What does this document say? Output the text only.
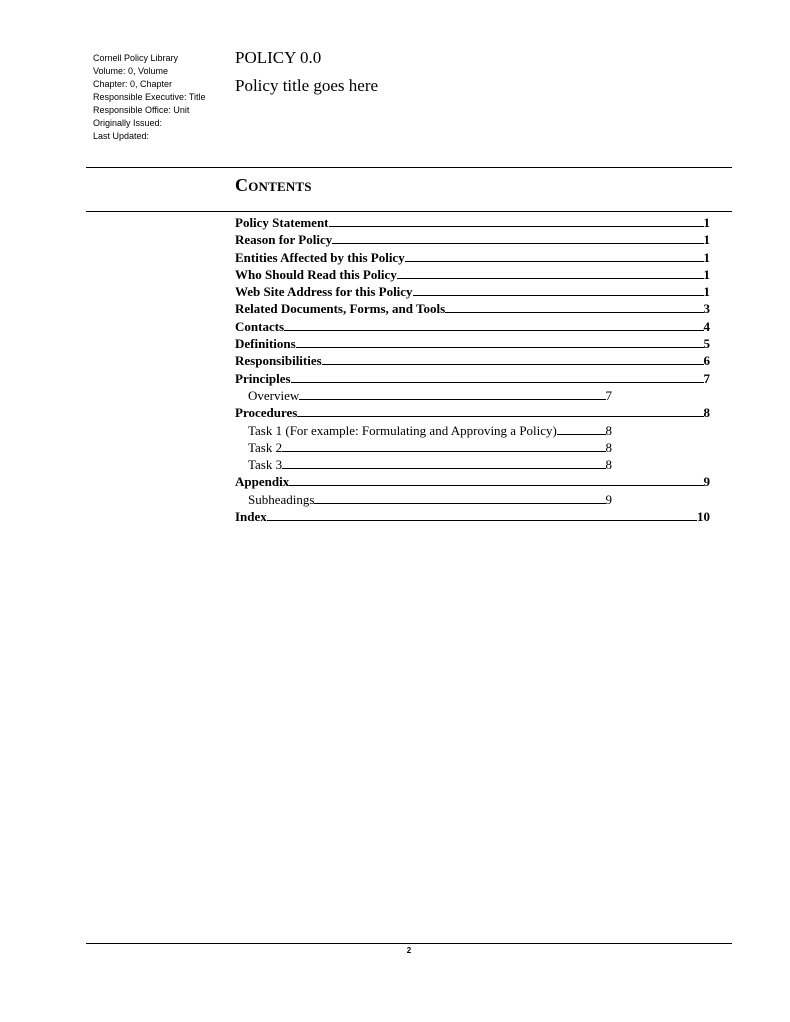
Cornell Policy Library
Volume: 0, Volume
Chapter: 0, Chapter
Responsible Executive: Title
Responsible Office: Unit
Originally Issued:
Last Updated:
POLICY 0.0
Policy title goes here
Contents
Policy Statement	1
Reason for Policy	1
Entities Affected by this Policy	1
Who Should Read this Policy	1
Web Site Address for this Policy	1
Related Documents, Forms, and Tools	3
Contacts	4
Definitions	5
Responsibilities	6
Principles	7
Overview	7
Procedures	8
Task 1 (For example: Formulating and Approving a Policy)	8
Task 2	8
Task 3	8
Appendix	9
Subheadings	9
Index	10
2
